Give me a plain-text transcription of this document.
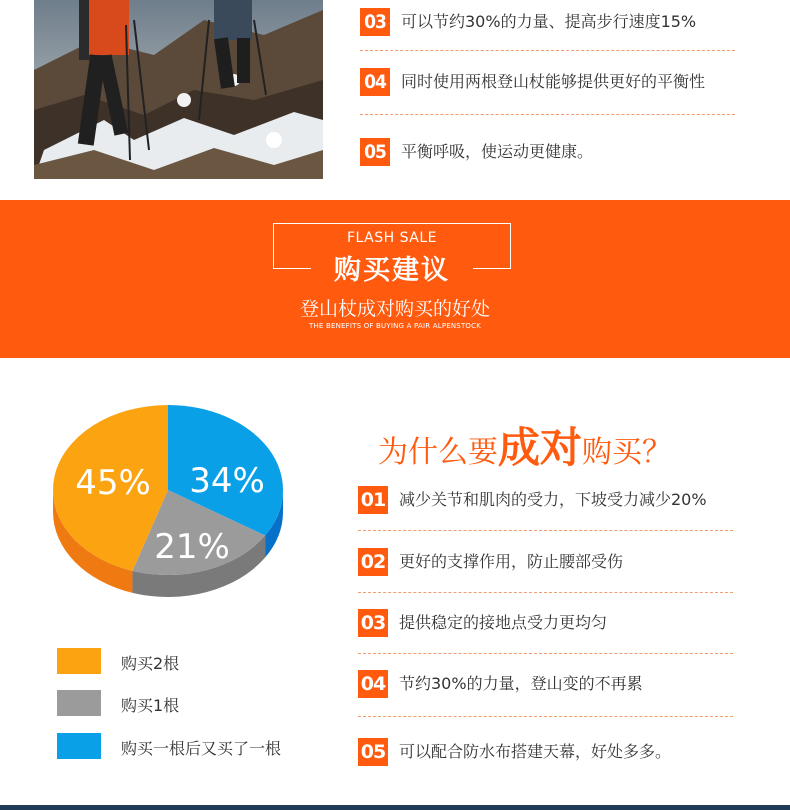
03 可以节约30%的力量、提高步行速度15%
04 同时使用两根登山杖能够提供更好的平衡性
05 平衡呼吸，使运动更健康。
FLASH SALE
购买建议
登山杖成对购买的好处
THE BENEFITS OF BUYING A PAIR ALPENSTOCK
34%
21%
45%
购买2根
购买1根
购买一根后又买了一根
为什么要成对购买？
01 减少关节和肌肉的受力，下坡受力减少20%
02 更好的支撑作用，防止腰部受伤
03 提供稳定的接地点受力更均匀
04 节约30%的力量，登山变的不再累
05 可以配合防水布搭建天幕，好处多多。
